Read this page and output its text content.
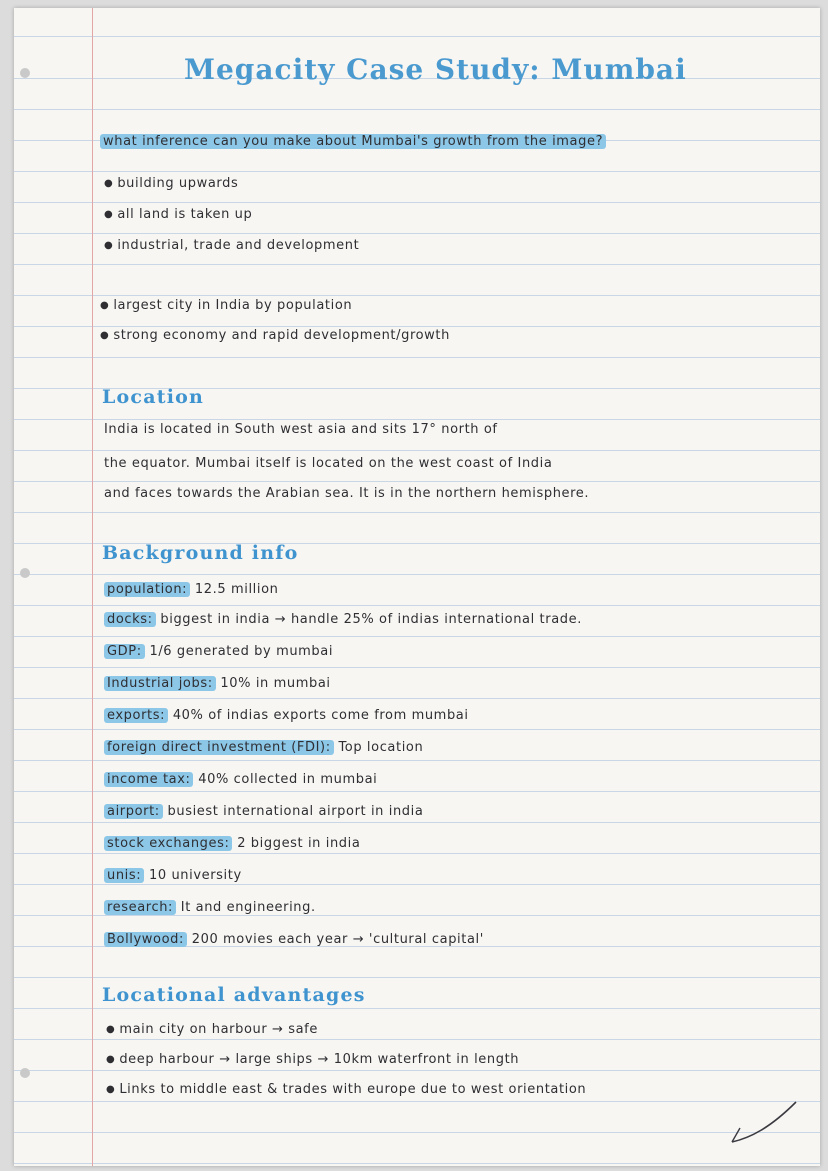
Megacity Case Study: Mumbai
what inference can you make about Mumbai's growth from the image?
● building upwards
● all land is taken up
● industrial, trade and development
● largest city in India by population
● strong economy and rapid development/growth
Location
India is located in South west asia and sits 17° north of
the equator. Mumbai itself is located on the west coast of India
and faces towards the Arabian sea. It is in the northern hemisphere.
Background info
population: 12.5 million
docks: biggest in india → handle 25% of indias international trade.
GDP: 1/6 generated by mumbai
Industrial jobs: 10% in mumbai
exports: 40% of indias exports come from mumbai
foreign direct investment (FDI): Top location
income tax: 40% collected in mumbai
airport: busiest international airport in india
stock exchanges: 2 biggest in india
unis: 10 university
research: It and engineering.
Bollywood: 200 movies each year → 'cultural capital'
Locational advantages
● main city on harbour → safe
● deep harbour → large ships → 10km waterfront in length
● Links to middle east & trades with europe due to west orientation
